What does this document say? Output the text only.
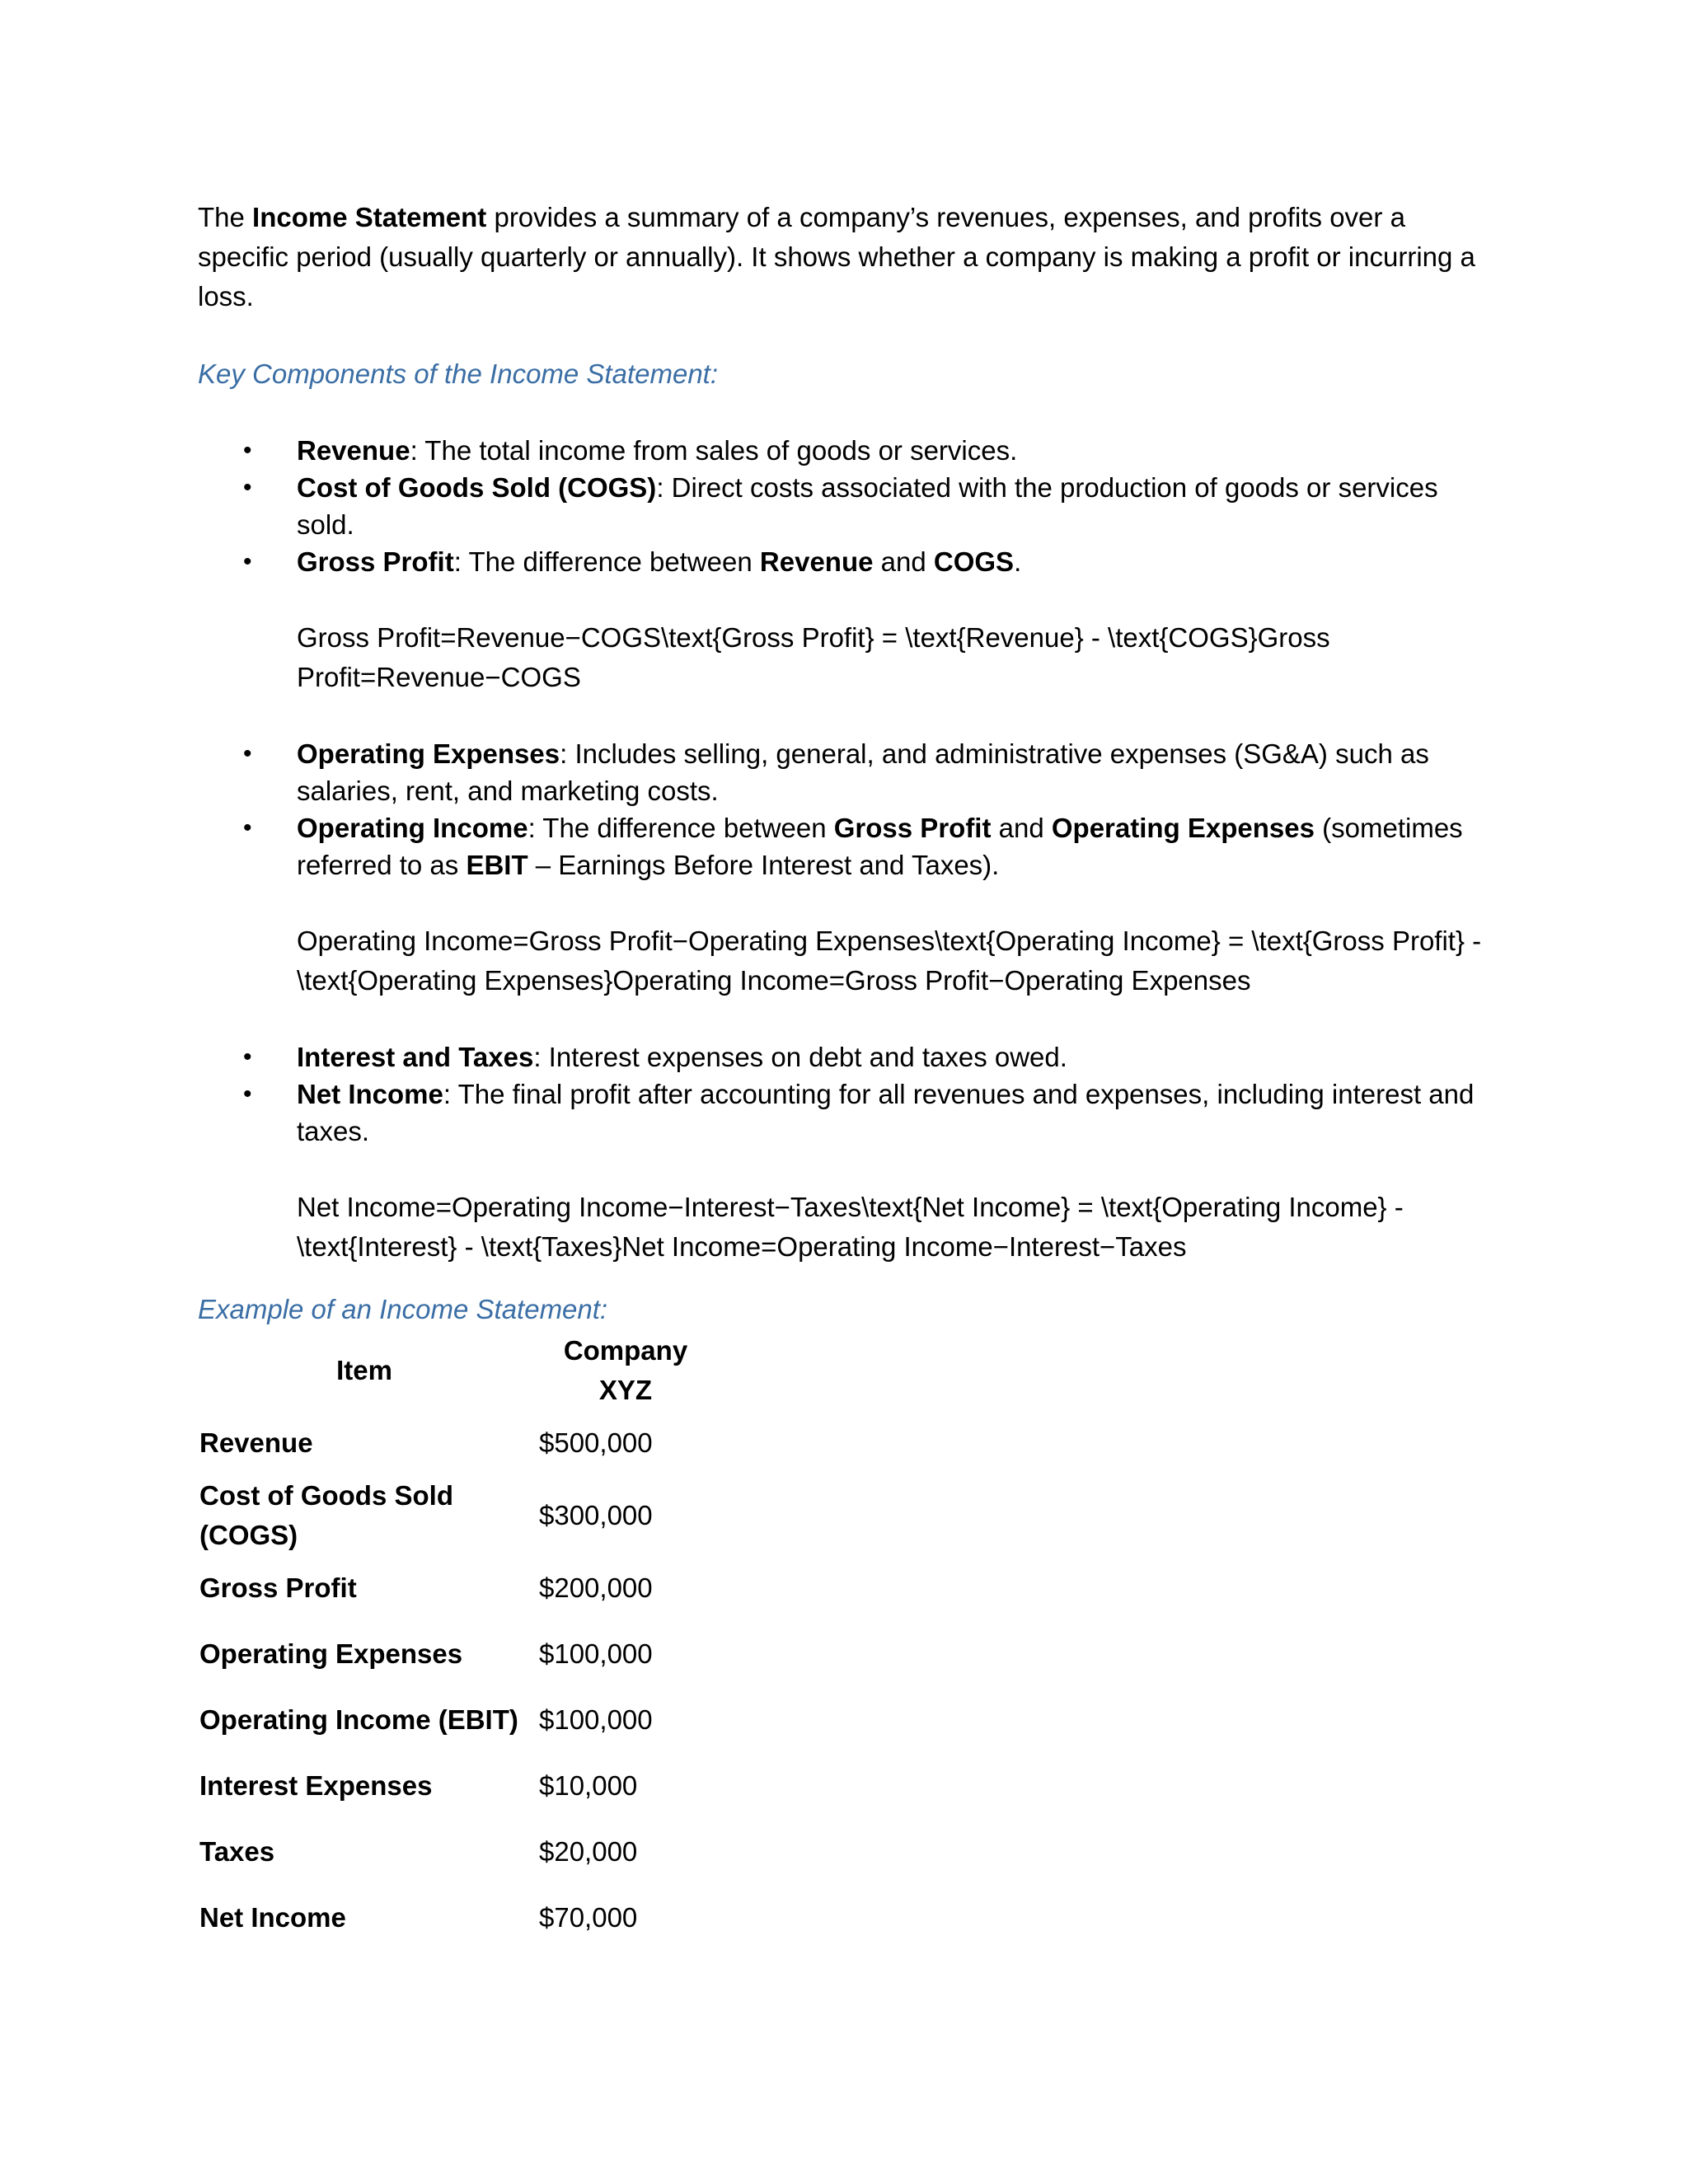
The Income Statement provides a summary of a company’s revenues, expenses, and profits over a specific period (usually quarterly or annually). It shows whether a company is making a profit or incurring a loss.

Key Components of the Income Statement:

• Revenue: The total income from sales of goods or services.
• Cost of Goods Sold (COGS): Direct costs associated with the production of goods or services sold.
• Gross Profit: The difference between Revenue and COGS.

Gross Profit=Revenue−COGS\text{Gross Profit} = \text{Revenue} - \text{COGS}Gross Profit=Revenue−COGS

• Operating Expenses: Includes selling, general, and administrative expenses (SG&A) such as salaries, rent, and marketing costs.
• Operating Income: The difference between Gross Profit and Operating Expenses (sometimes referred to as EBIT – Earnings Before Interest and Taxes).

Operating Income=Gross Profit−Operating Expenses\text{Operating Income} = \text{Gross Profit} - \text{Operating Expenses}Operating Income=Gross Profit−Operating Expenses

• Interest and Taxes: Interest expenses on debt and taxes owed.
• Net Income: The final profit after accounting for all revenues and expenses, including interest and taxes.

Net Income=Operating Income−Interest−Taxes\text{Net Income} = \text{Operating Income} - \text{Interest} - \text{Taxes}Net Income=Operating Income−Interest−Taxes

Example of an Income Statement:

Item	Company XYZ
Revenue	$500,000
Cost of Goods Sold (COGS)	$300,000
Gross Profit	$200,000
Operating Expenses	$100,000
Operating Income (EBIT)	$100,000
Interest Expenses	$10,000
Taxes	$20,000
Net Income	$70,000
